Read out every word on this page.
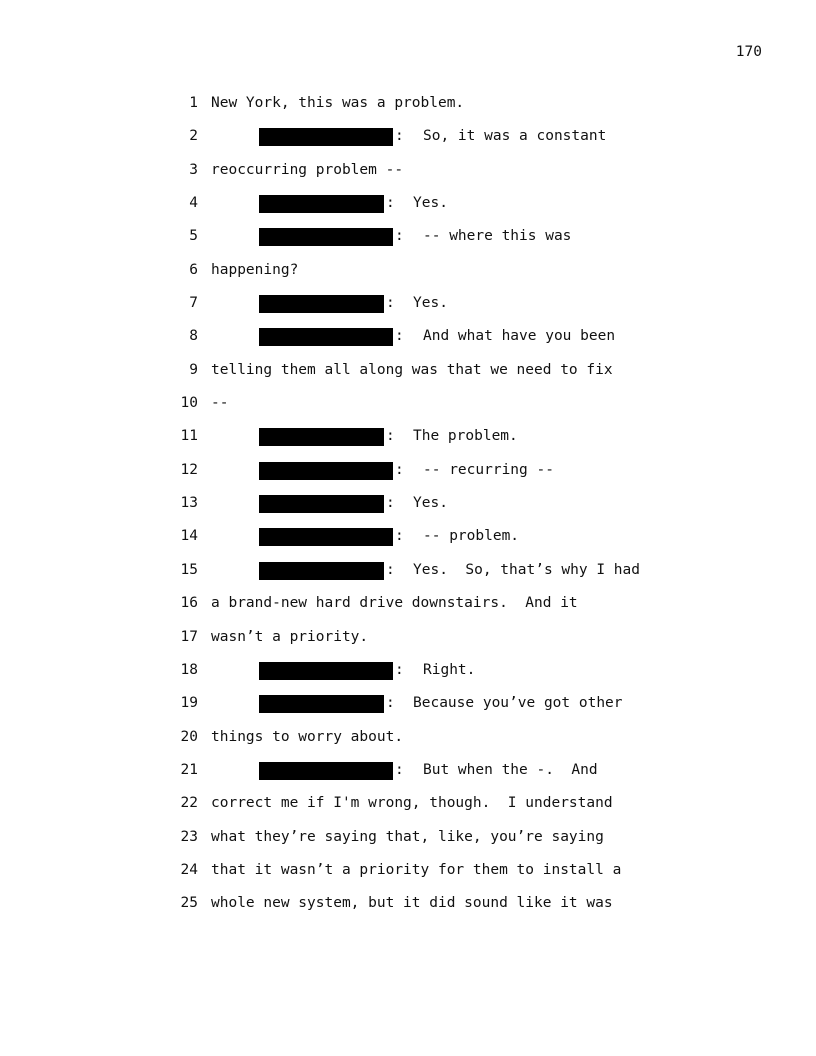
170

1

New York, this was a problem.

2

	:

So, it was a constant

3

reoccurring problem --

4

	:

Yes.

5

	:

-- where this was

6

happening?

7

	:

Yes.

8

	:

And what have you been

9

telling them all along was that we need to fix

10

--

11

	:

The problem.

12

	:

-- recurring --

13

	:

Yes.

14

	:

-- problem.

15

	:

Yes.  So, that’s why I had

16

a brand-new hard drive downstairs.  And it

17

wasn’t a priority.

18

	:

Right.

19

	:

Because you’ve got other

20

things to worry about.

21

	:

But when the -.  And

22

correct me if I'm wrong, though.  I understand

23

what they’re saying that, like, you’re saying

24

that it wasn’t a priority for them to install a

25

whole new system, but it did sound like it was
